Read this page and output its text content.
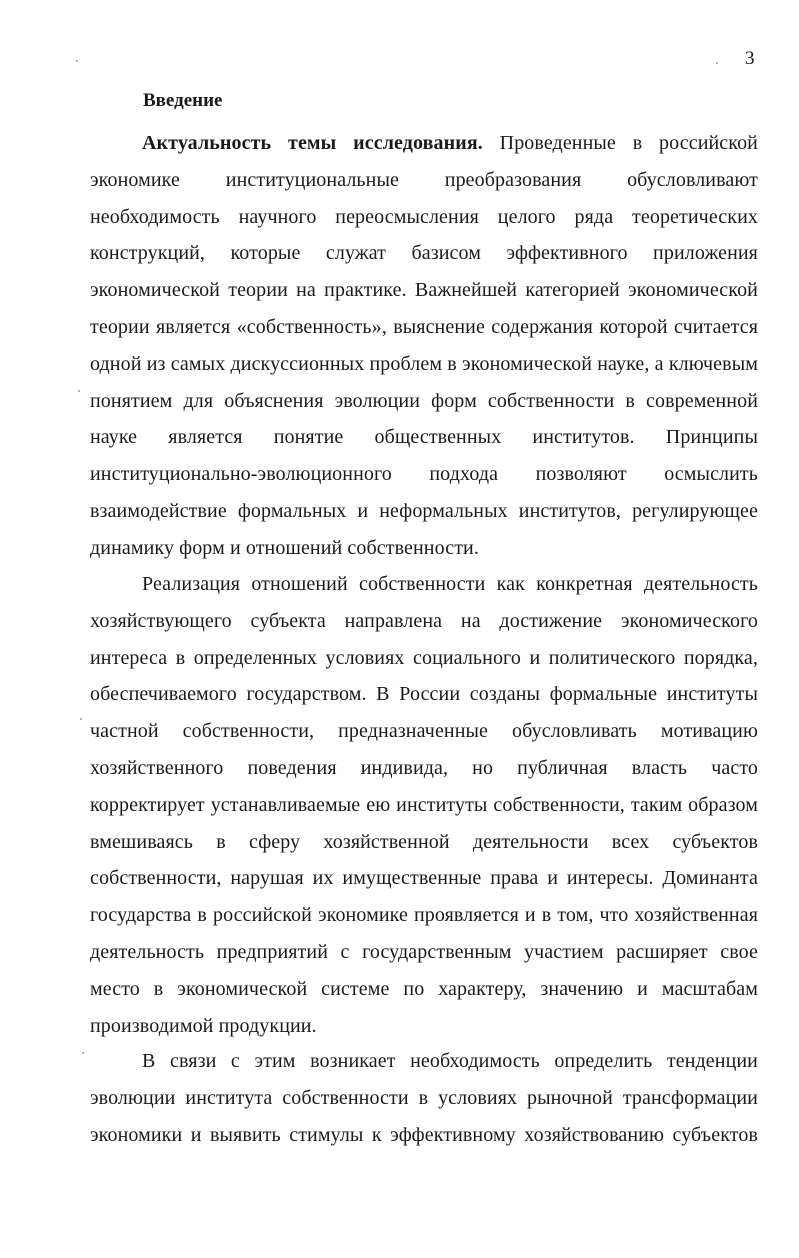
3
Введение
Актуальность темы исследования. Проведенные в российской
экономике институциональные преобразования обусловливают
необходимость научного переосмысления целого ряда теоретических
конструкций, которые служат базисом эффективного приложения
экономической теории на практике. Важнейшей категорией экономической
теории является «собственность», выяснение содержания которой считается
одной из самых дискуссионных проблем в экономической науке, а ключевым
понятием для объяснения эволюции форм собственности в современной
науке является понятие общественных институтов. Принципы
институционально-эволюционного подхода позволяют осмыслить
взаимодействие формальных и неформальных институтов, регулирующее
динамику форм и отношений собственности.
Реализация отношений собственности как конкретная деятельность
хозяйствующего субъекта направлена на достижение экономического
интереса в определенных условиях социального и политического порядка,
обеспечиваемого государством. В России созданы формальные институты
частной собственности, предназначенные обусловливать мотивацию
хозяйственного поведения индивида, но публичная власть часто
корректирует устанавливаемые ею институты собственности, таким образом
вмешиваясь в сферу хозяйственной деятельности всех субъектов
собственности, нарушая их имущественные права и интересы. Доминанта
государства в российской экономике проявляется и в том, что хозяйственная
деятельность предприятий с государственным участием расширяет свое
место в экономической системе по характеру, значению и масштабам
производимой продукции.
В связи с этим возникает необходимость определить тенденции
эволюции института собственности в условиях рыночной трансформации
экономики и выявить стимулы к эффективному хозяйствованию субъектов
